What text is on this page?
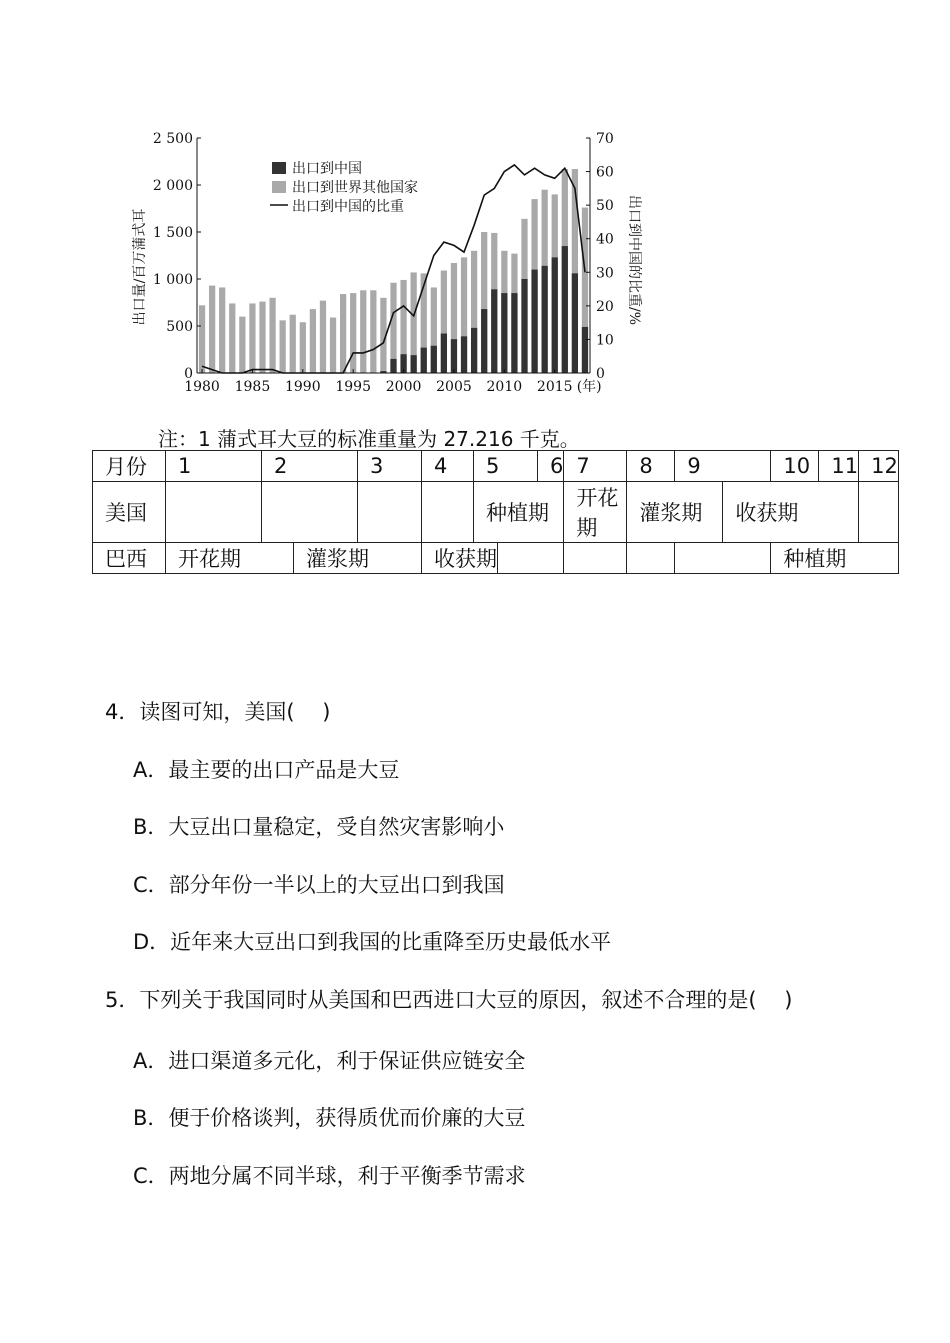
0
500
1 000
1 500
2 000
2 500
0
10
20
30
40
50
60
70
1980 1985 1990 1995 2000 2005 2010 2015 (年)
出口到中国
出口到世界其他国家
出口到中国的比重
出口量/百万蒲式耳	出口到中国的比重/%
注：1 蒲式耳大豆的标准重量为 27.216 千克。
月份	1	2		3	4	5		6	7	8	9		10	11	12
美国						种植期			开花期	灌浆期		收获期			
巴西	开花期		灌浆期		收获期								种植期		
4．读图可知，美国(　 )
A．最主要的出口产品是大豆
B．大豆出口量稳定，受自然灾害影响小
C．部分年份一半以上的大豆出口到我国
D．近年来大豆出口到我国的比重降至历史最低水平
5．下列关于我国同时从美国和巴西进口大豆的原因，叙述不合理的是(　 )
A．进口渠道多元化，利于保证供应链安全
B．便于价格谈判，获得质优而价廉的大豆
C．两地分属不同半球，利于平衡季节需求
